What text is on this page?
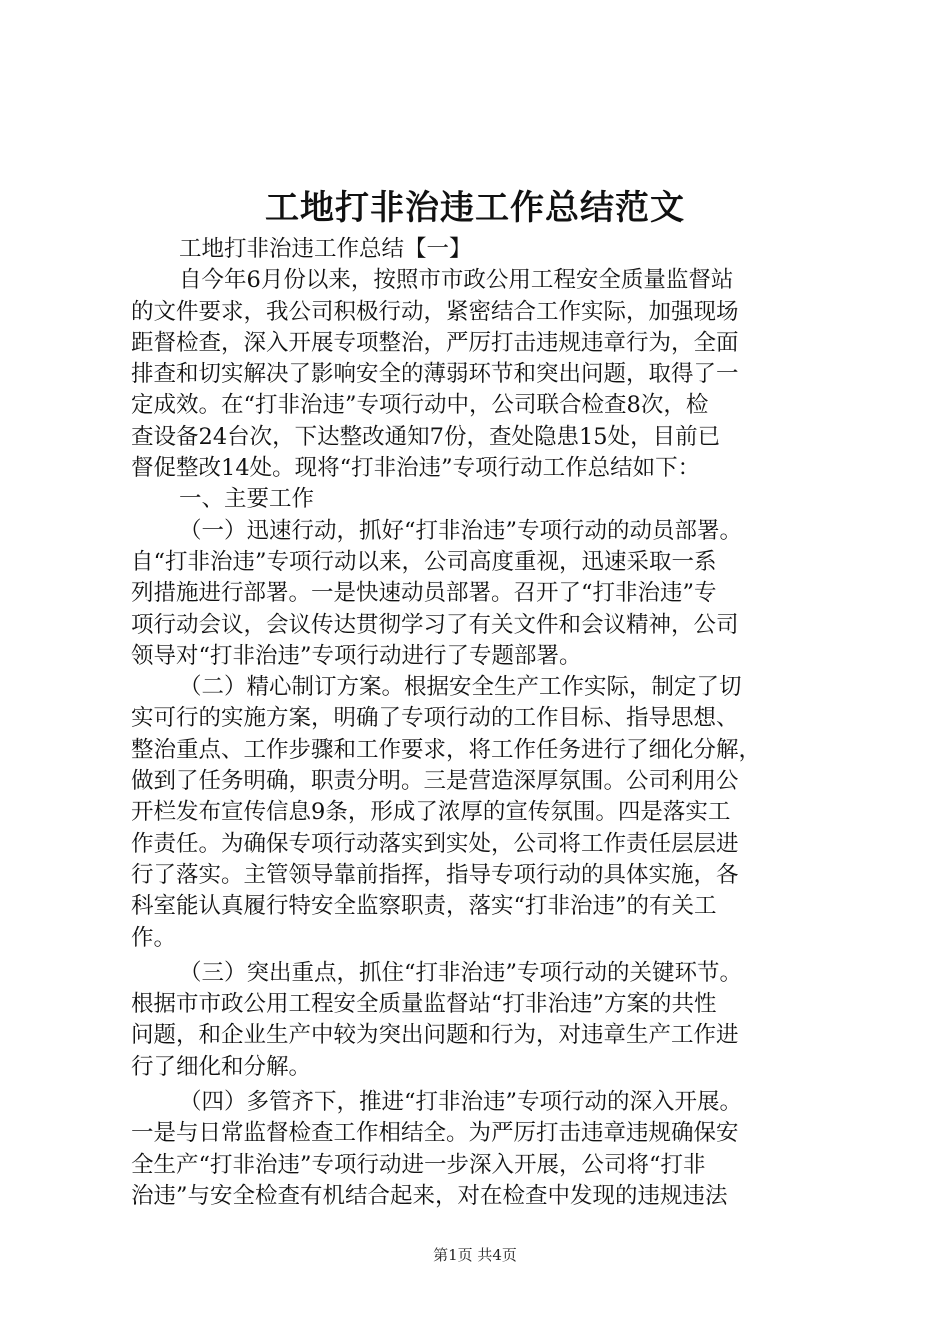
工地打非治违工作总结范文

工地打非治违工作总结【一】

自今年6月份以来，按照市市政公用工程安全质量监督站
的文件要求，我公司积极行动，紧密结合工作实际，加强现场
距督检查，深入开展专项整治，严厉打击违规违章行为，全面
排查和切实解决了影响安全的薄弱环节和突出问题，取得了一
定成效。在“打非治违”专项行动中，公司联合检查8次，检
查设备24台次，下达整改通知7份，查处隐患15处，目前已
督促整改14处。现将“打非治违”专项行动工作总结如下：

一、主要工作

（一）迅速行动，抓好“打非治违”专项行动的动员部署。
自“打非治违”专项行动以来，公司高度重视，迅速采取一系
列措施进行部署。一是快速动员部署。召开了“打非治违”专
项行动会议，会议传达贯彻学习了有关文件和会议精神，公司
领导对“打非治违”专项行动进行了专题部署。

（二）精心制订方案。根据安全生产工作实际，制定了切
实可行的实施方案，明确了专项行动的工作目标、指导思想、
整治重点、工作步骤和工作要求，将工作任务进行了细化分解，
做到了任务明确，职责分明。三是营造深厚氛围。公司利用公
开栏发布宣传信息9条，形成了浓厚的宣传氛围。四是落实工
作责任。为确保专项行动落实到实处，公司将工作责任层层进
行了落实。主管领导靠前指挥，指导专项行动的具体实施，各
科室能认真履行特安全监察职责，落实“打非治违”的有关工
作。

（三）突出重点，抓住“打非治违”专项行动的关键环节。
根据市市政公用工程安全质量监督站“打非治违”方案的共性
问题，和企业生产中较为突出问题和行为，对违章生产工作进
行了细化和分解。

（四）多管齐下，推进“打非治违”专项行动的深入开展。
一是与日常监督检查工作相结全。为严厉打击违章违规确保安
全生产“打非治违”专项行动进一步深入开展，公司将“打非
治违”与安全检查有机结合起来，对在检查中发现的违规违法

第1页 共4页
